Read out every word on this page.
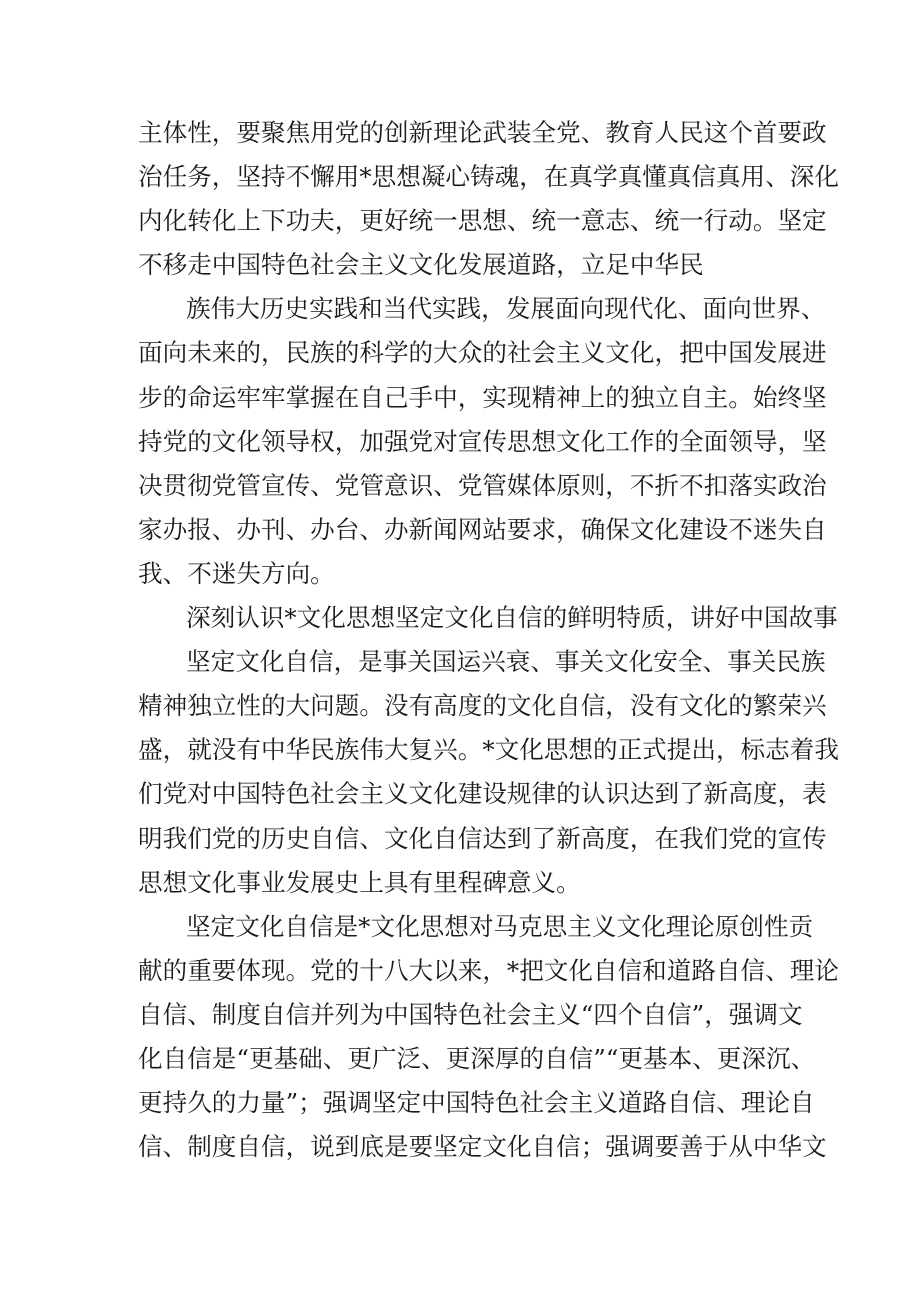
主体性，要聚焦用党的创新理论武装全党、教育人民这个首要政
治任务，坚持不懈用*思想凝心铸魂，在真学真懂真信真用、深化
内化转化上下功夫，更好统一思想、统一意志、统一行动。坚定
不移走中国特色社会主义文化发展道路，立足中华民
族伟大历史实践和当代实践，发展面向现代化、面向世界、
面向未来的，民族的科学的大众的社会主义文化，把中国发展进
步的命运牢牢掌握在自己手中，实现精神上的独立自主。始终坚
持党的文化领导权，加强党对宣传思想文化工作的全面领导，坚
决贯彻党管宣传、党管意识、党管媒体原则，不折不扣落实政治
家办报、办刊、办台、办新闻网站要求，确保文化建设不迷失自
我、不迷失方向。
深刻认识*文化思想坚定文化自信的鲜明特质，讲好中国故事
坚定文化自信，是事关国运兴衰、事关文化安全、事关民族
精神独立性的大问题。没有高度的文化自信，没有文化的繁荣兴
盛，就没有中华民族伟大复兴。*文化思想的正式提出，标志着我
们党对中国特色社会主义文化建设规律的认识达到了新高度，表
明我们党的历史自信、文化自信达到了新高度，在我们党的宣传
思想文化事业发展史上具有里程碑意义。
坚定文化自信是*文化思想对马克思主义文化理论原创性贡
献的重要体现。党的十八大以来，*把文化自信和道路自信、理论
自信、制度自信并列为中国特色社会主义“四个自信”，强调文
化自信是“更基础、更广泛、更深厚的自信”“更基本、更深沉、
更持久的力量”；强调坚定中国特色社会主义道路自信、理论自
信、制度自信，说到底是要坚定文化自信；强调要善于从中华文
